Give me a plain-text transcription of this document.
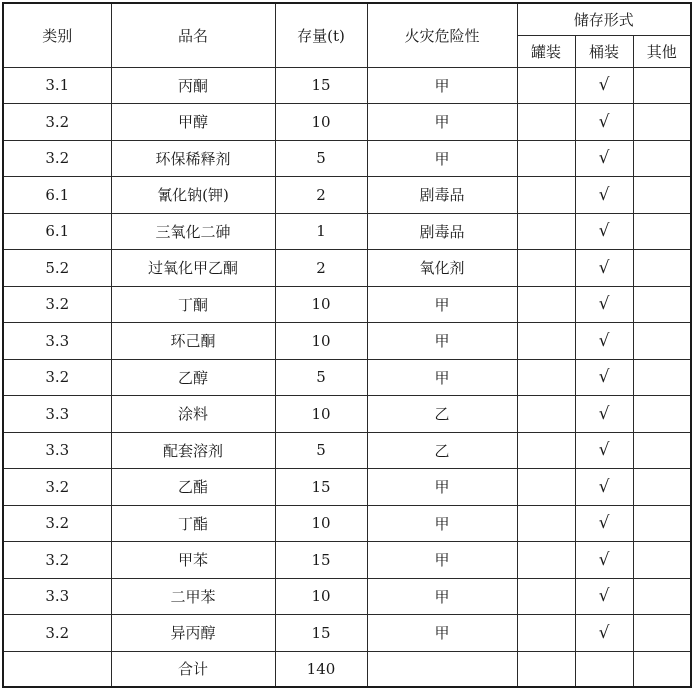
类别	品名	存量(t)	火灾危险性	储存形式		
				罐装	桶装	其他
3.1	丙酮	15	甲		√	
3.2	甲醇	10	甲		√	
3.2	环保稀释剂	5	甲		√	
6.1	氰化钠(钾)	2	剧毒品		√	
6.1	三氧化二砷	1	剧毒品		√	
5.2	过氧化甲乙酮	2	氧化剂		√	
3.2	丁酮	10	甲		√	
3.3	环己酮	10	甲		√	
3.2	乙醇	5	甲		√	
3.3	涂料	10	乙		√	
3.3	配套溶剂	5	乙		√	
3.2	乙酯	15	甲		√	
3.2	丁酯	10	甲		√	
3.2	甲苯	15	甲		√	
3.3	二甲苯	10	甲		√	
3.2	异丙醇	15	甲		√	
	合计	140				
